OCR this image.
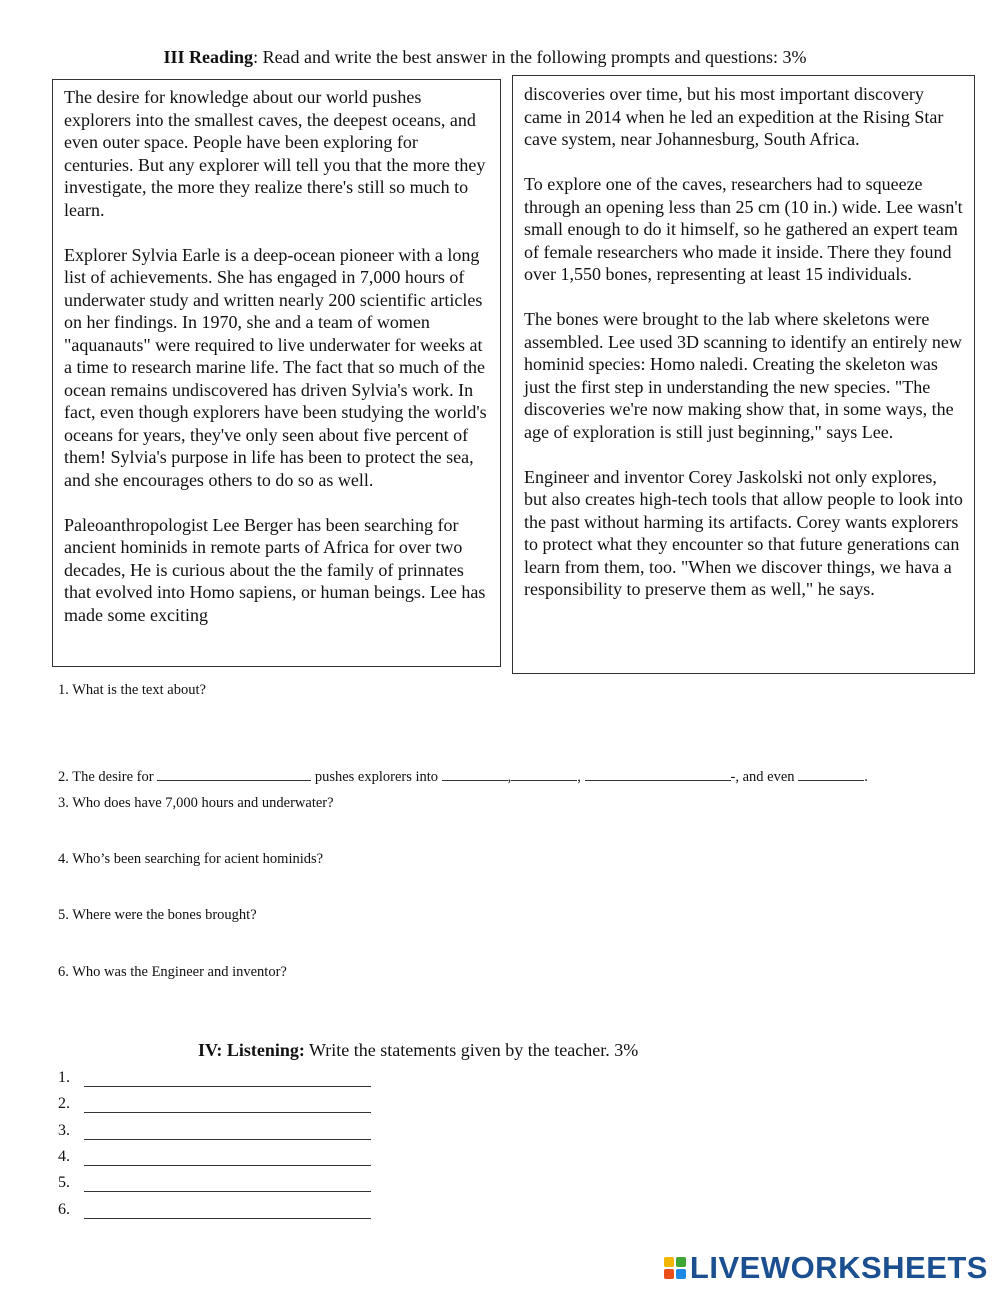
III Reading: Read and write the best answer in the following prompts and questions: 3%

The desire for knowledge about our world pushes explorers into the smallest caves, the deepest oceans, and even outer space. People have been exploring for centuries. But any explorer will tell you that the more they investigate, the more they realize there's still so much to learn.

Explorer Sylvia Earle is a deep-ocean pioneer with a long list of achievements. She has engaged in 7,000 hours of underwater study and written nearly 200 scientific articles on her findings. In 1970, she and a team of women "aquanauts" were required to live underwater for weeks at a time to research marine life. The fact that so much of the ocean remains undiscovered has driven Sylvia's work. In fact, even though explorers have been studying the world's oceans for years, they've only seen about five percent of them! Sylvia's purpose in life has been to protect the sea, and she encourages others to do so as well.

Paleoanthropologist Lee Berger has been searching for ancient hominids in remote parts of Africa for over two decades, He is curious about the the family of prinnates that evolved into Homo sapiens, or human beings. Lee has made some exciting

discoveries over time, but his most important discovery came in 2014 when he led an expedition at the Rising Star cave system, near Johannesburg, South Africa.

To explore one of the caves, researchers had to squeeze through an opening less than 25 cm (10 in.) wide. Lee wasn't small enough to do it himself, so he gathered an expert team of female researchers who made it inside. There they found over 1,550 bones, representing at least 15 individuals.

The bones were brought to the lab where skeletons were assembled. Lee used 3D scanning to identify an entirely new hominid species: Homo naledi. Creating the skeleton was just the first step in understanding the new species. "The discoveries we're now making show that, in some ways, the age of exploration is still just beginning," says Lee.

Engineer and inventor Corey Jaskolski not only explores, but also creates high-tech tools that allow people to look into the past without harming its artifacts. Corey wants explorers to protect what they encounter so that future generations can learn from them, too. "When we discover things, we hava a responsibility to preserve them as well," he says.

1. What is the text about?
2. The desire for	pushes explorers into	,	,	-, and even	.
3. Who does have 7,000 hours and underwater?
4. Who’s been searching for acient hominids?
5. Where were the bones brought?
6. Who was the Engineer and inventor?
IV: Listening: Write the statements given by the teacher. 3%
1.
2.
3.
4.
5.
6.
LIVEWORKSHEETS
